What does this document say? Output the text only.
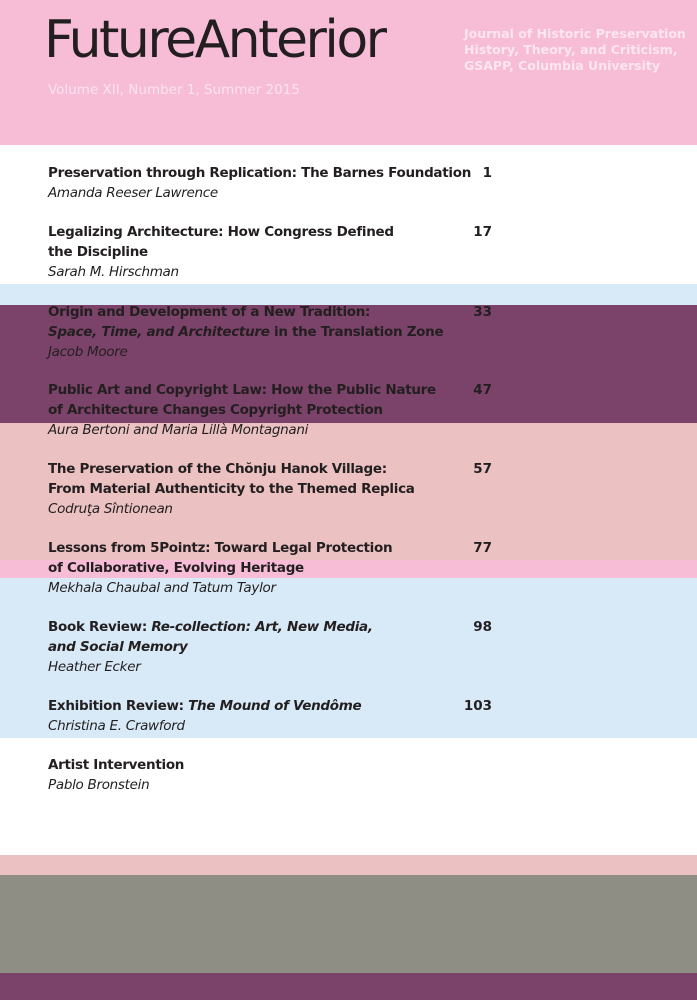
FutureAnterior
Volume XII, Number 1, Summer 2015
Journal of Historic Preservation
History, Theory, and Criticism,
GSAPP, Columbia University
Preservation through Replication: The Barnes Foundation
Amanda Reeser Lawrence
1
Legalizing Architecture: How Congress Defined
the Discipline
Sarah M. Hirschman
17
Origin and Development of a New Tradition:
Space, Time, and Architecture in the Translation Zone
Jacob Moore
33
Public Art and Copyright Law: How the Public Nature
of Architecture Changes Copyright Protection
Aura Bertoni and Maria Lillà Montagnani
47
The Preservation of the Chŏnju Hanok Village:
From Material Authenticity to the Themed Replica
Codruţa Sîntionean
57
Lessons from 5Pointz: Toward Legal Protection
of Collaborative, Evolving Heritage
Mekhala Chaubal and Tatum Taylor
77
Book Review: Re-collection: Art, New Media,
and Social Memory
Heather Ecker
98
Exhibition Review: The Mound of Vendôme
Christina E. Crawford
103
Artist Intervention
Pablo Bronstein
